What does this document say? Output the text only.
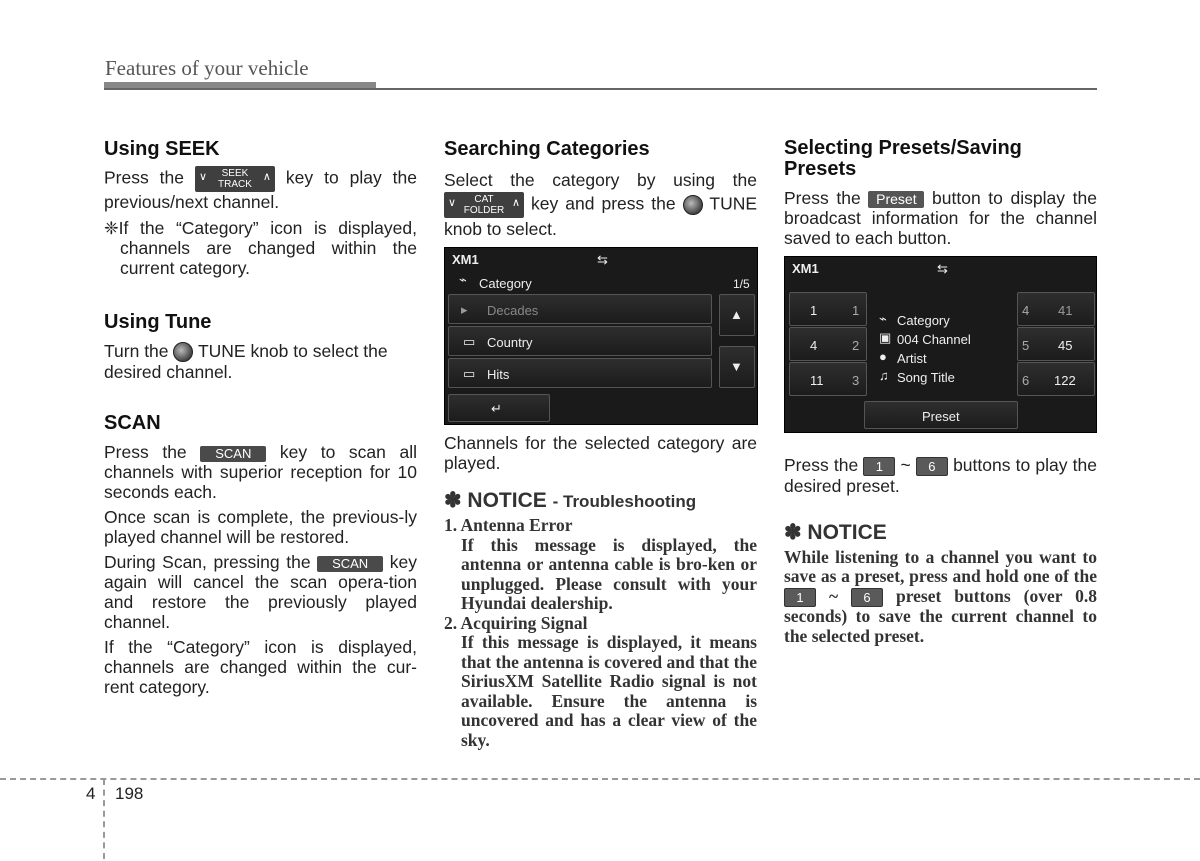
Features of your vehicle
Using SEEK

Press the ∨	SEEK
TRACK
∧ key to play the previous/next channel.

❈If the “Category” icon is displayed, channels are changed within the current category.

Using Tune

Turn the TUNE knob to select the desired channel.

SCAN

Press the SCAN key to scan all channels with superior reception for 10 seconds each.

Once scan is complete, the previous-ly played channel will be restored.

During Scan, pressing the SCAN key again will cancel the scan opera-tion and restore the previously played channel.

If the “Category” icon is displayed, channels are changed within the cur-rent category.

Searching Categories

Select the category by using the
∨	CAT
FOLDER
∧ key and press the TUNE knob to select.

XM1	⇆
⌁ Category	1/5
▸ Decades
▭ Country
▭ Hits
▲
▼
↵

Channels for the selected category are played.

✽ NOTICE - Troubleshooting

1. Antenna Error
If this message is displayed, the antenna or antenna cable is bro-ken or unplugged. Please consult with your Hyundai dealership.
2. Acquiring Signal
If this message is displayed, it means that the antenna is covered and that the SiriusXM Satellite Radio signal is not available. Ensure the antenna is uncovered and has a clear view of the sky.
Selecting Presets/Saving Presets

Press the Preset button to display the broadcast information for the channel saved to each button.

XM1	⇆
1	1
4	2
11 3
⌁ Category
▣ 004 Channel
● Artist
♫ Song Title
4 41
5 45
6 122
Preset

Press the 1 ~ 6 buttons to play the desired preset.

✽ NOTICE

While listening to a channel you want to save as a preset, press and hold one of the 1 ~ 6 preset buttons (over 0.8 seconds) to save the current channel to the selected preset.

4 198
